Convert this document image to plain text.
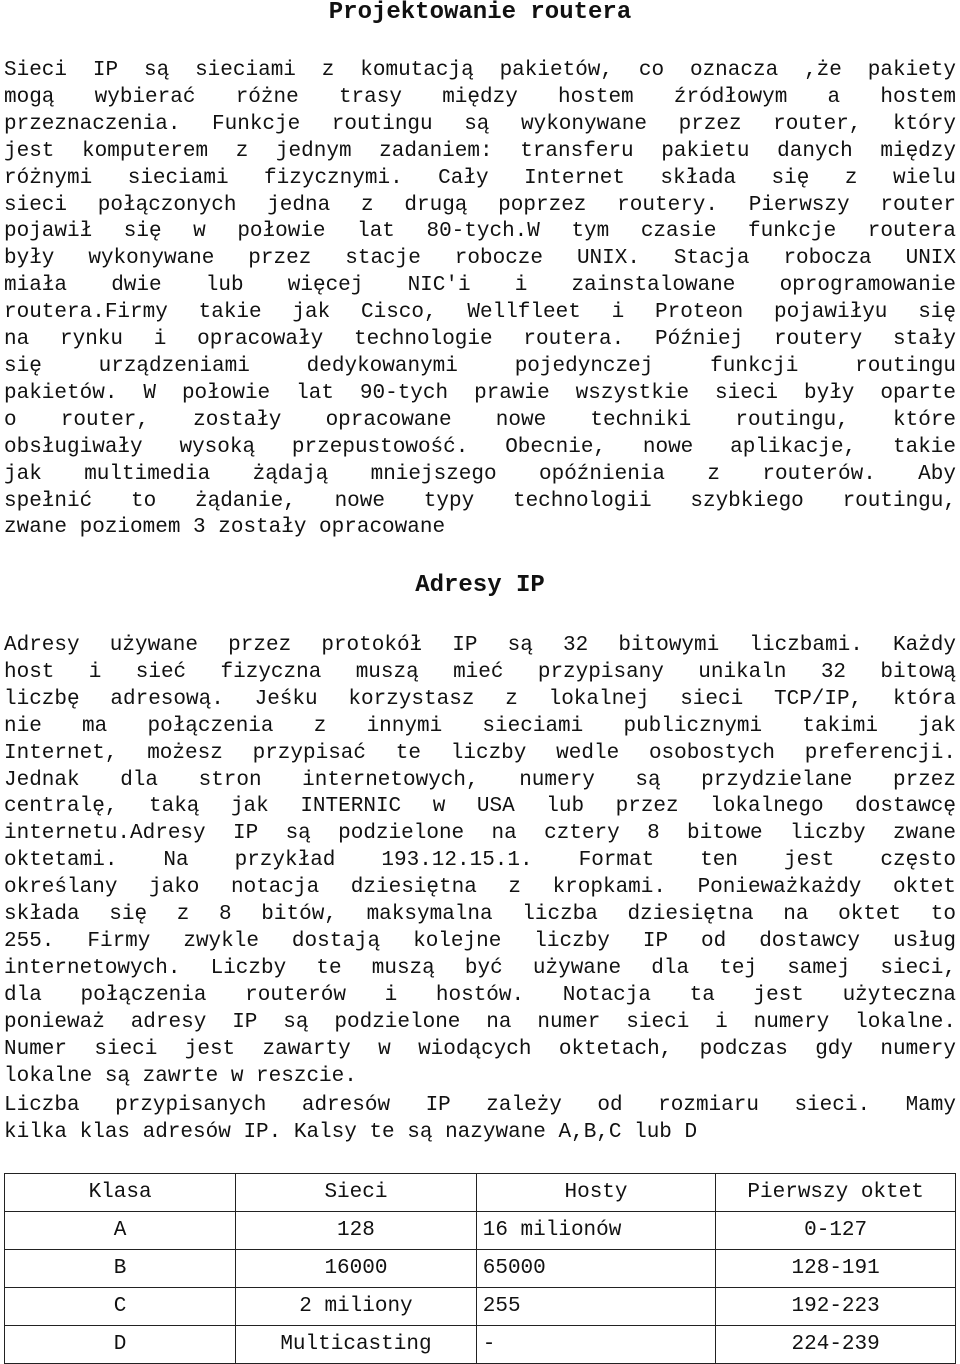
Projektowanie routera

Sieci IP są sieciami z komutacją pakietów, co oznacza ,że pakiety
mogą wybierać różne trasy między hostem źródłowym a hostem
przeznaczenia. Funkcje routingu są wykonywane przez router, który
jest komputerem z jednym zadaniem: transferu pakietu danych między
różnymi sieciami fizycznymi. Cały Internet składa się z wielu
sieci połączonych jedna z drugą poprzez routery. Pierwszy router
pojawił się w połowie lat 80-tych.W tym czasie funkcje routera
były wykonywane przez stacje robocze UNIX. Stacja robocza UNIX
miała dwie lub więcej NIC'i i zainstalowane oprogramowanie
routera.Firmy takie jak Cisco, Wellfleet i Proteon pojawiłyu się
na rynku i opracowały technologie routera. Później routery stały
się urządzeniami dedykowanymi pojedynczej funkcji routingu
pakietów. W połowie lat 90-tych prawie wszystkie sieci były oparte
o router, zostały opracowane nowe techniki routingu, które
obsługiwały wysoką przepustowość. Obecnie, nowe aplikacje, takie
jak multimedia żądają mniejszego opóźnienia z routerów. Aby
spełnić to żądanie, nowe typy technologii szybkiego routingu,
zwane poziomem 3 zostały opracowane

Adresy IP

Adresy używane przez protokół IP są 32 bitowymi liczbami. Każdy
host i sieć fizyczna muszą mieć przypisany unikaln 32 bitową
liczbę adresową. Jeśku korzystasz z lokalnej sieci TCP/IP, która
nie ma połączenia z innymi sieciami publicznymi takimi jak
Internet, możesz przypisać te liczby wedle osobostych preferencji.
Jednak dla stron internetowych, numery są przydzielane przez
centralę, taką jak INTERNIC w USA lub przez lokalnego dostawcę
internetu.Adresy IP są podzielone na cztery 8 bitowe liczby zwane
oktetami. Na przykład 193.12.15.1. Format ten jest często
określany jako notacja dziesiętna z kropkami. Ponieważkażdy oktet
składa się z 8 bitów, maksymalna liczba dziesiętna na oktet to
255. Firmy zwykle dostają kolejne liczby IP od dostawcy usług
internetowych. Liczby te muszą być używane dla tej samej sieci,
dla połączenia routerów i hostów. Notacja ta jest użyteczna
ponieważ adresy IP są podzielone na numer sieci i numery lokalne.
Numer sieci jest zawarty w wiodących oktetach, podczas gdy numery
lokalne są zawrte w reszcie.

Liczba przypisanych adresów IP zależy od rozmiaru sieci. Mamy
kilka klas adresów IP. Kalsy te są nazywane A,B,C lub D

Klasa	Sieci	Hosty	Pierwszy oktet
A	128	16 milionów	0-127
B	16000	65000	128-191
C	2 miliony	255	192-223
D	Multicasting	-	224-239
